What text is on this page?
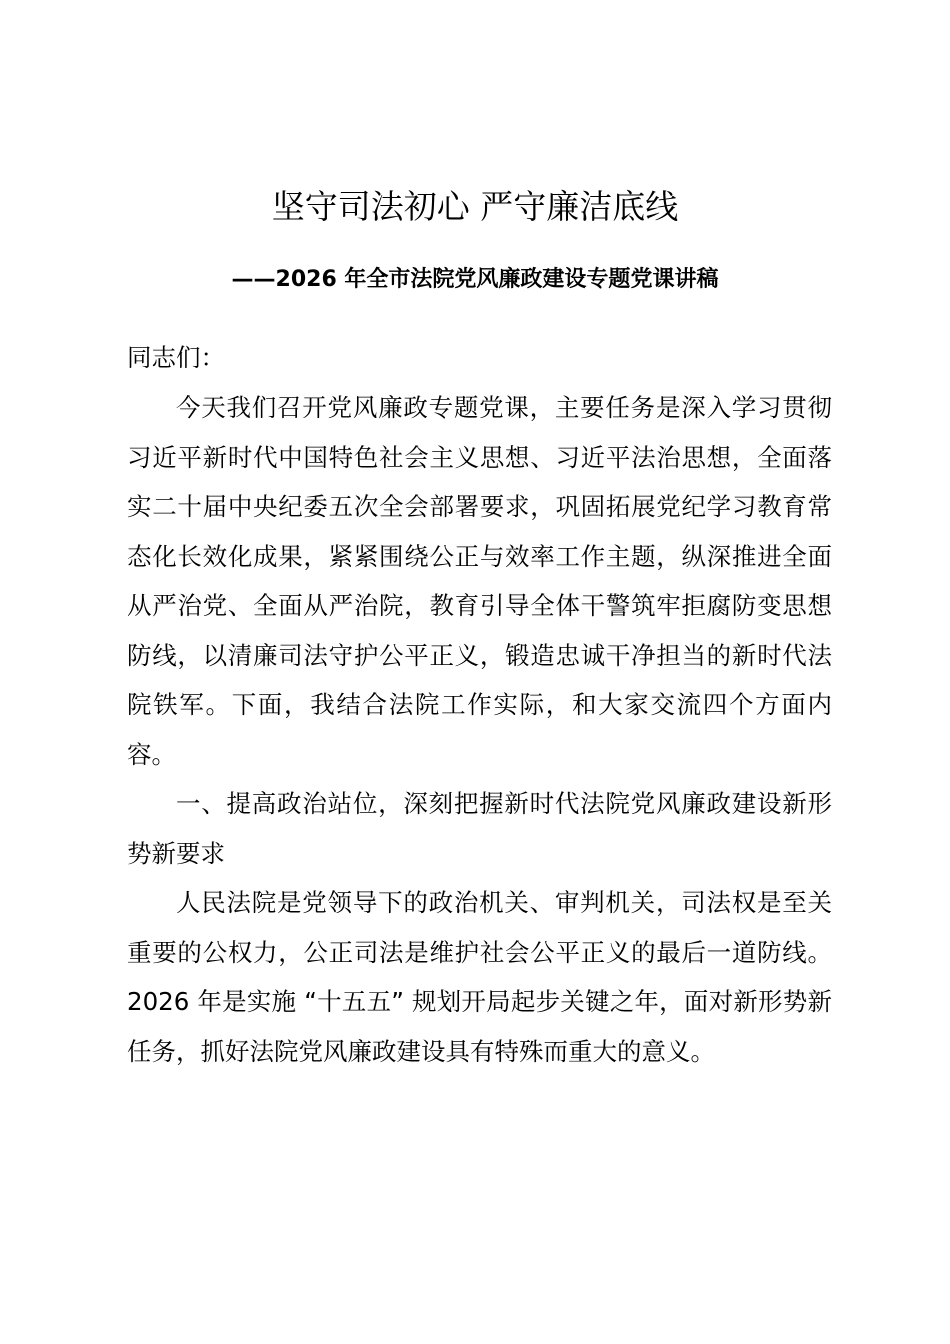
坚守司法初心 严守廉洁底线
——2026 年全市法院党风廉政建设专题党课讲稿

同志们：

今天我们召开党风廉政专题党课，主要任务是深入学习贯彻习近平新时代中国特色社会主义思想、习近平法治思想，全面落实二十届中央纪委五次全会部署要求，巩固拓展党纪学习教育常态化长效化成果，紧紧围绕公正与效率工作主题，纵深推进全面从严治党、全面从严治院，教育引导全体干警筑牢拒腐防变思想防线，以清廉司法守护公平正义，锻造忠诚干净担当的新时代法院铁军。下面，我结合法院工作实际，和大家交流四个方面内容。

一、提高政治站位，深刻把握新时代法院党风廉政建设新形势新要求

人民法院是党领导下的政治机关、审判机关，司法权是至关重要的公权力，公正司法是维护社会公平正义的最后一道防线。2026 年是实施 “十五五” 规划开局起步关键之年，面对新形势新任务，抓好法院党风廉政建设具有特殊而重大的意义。
